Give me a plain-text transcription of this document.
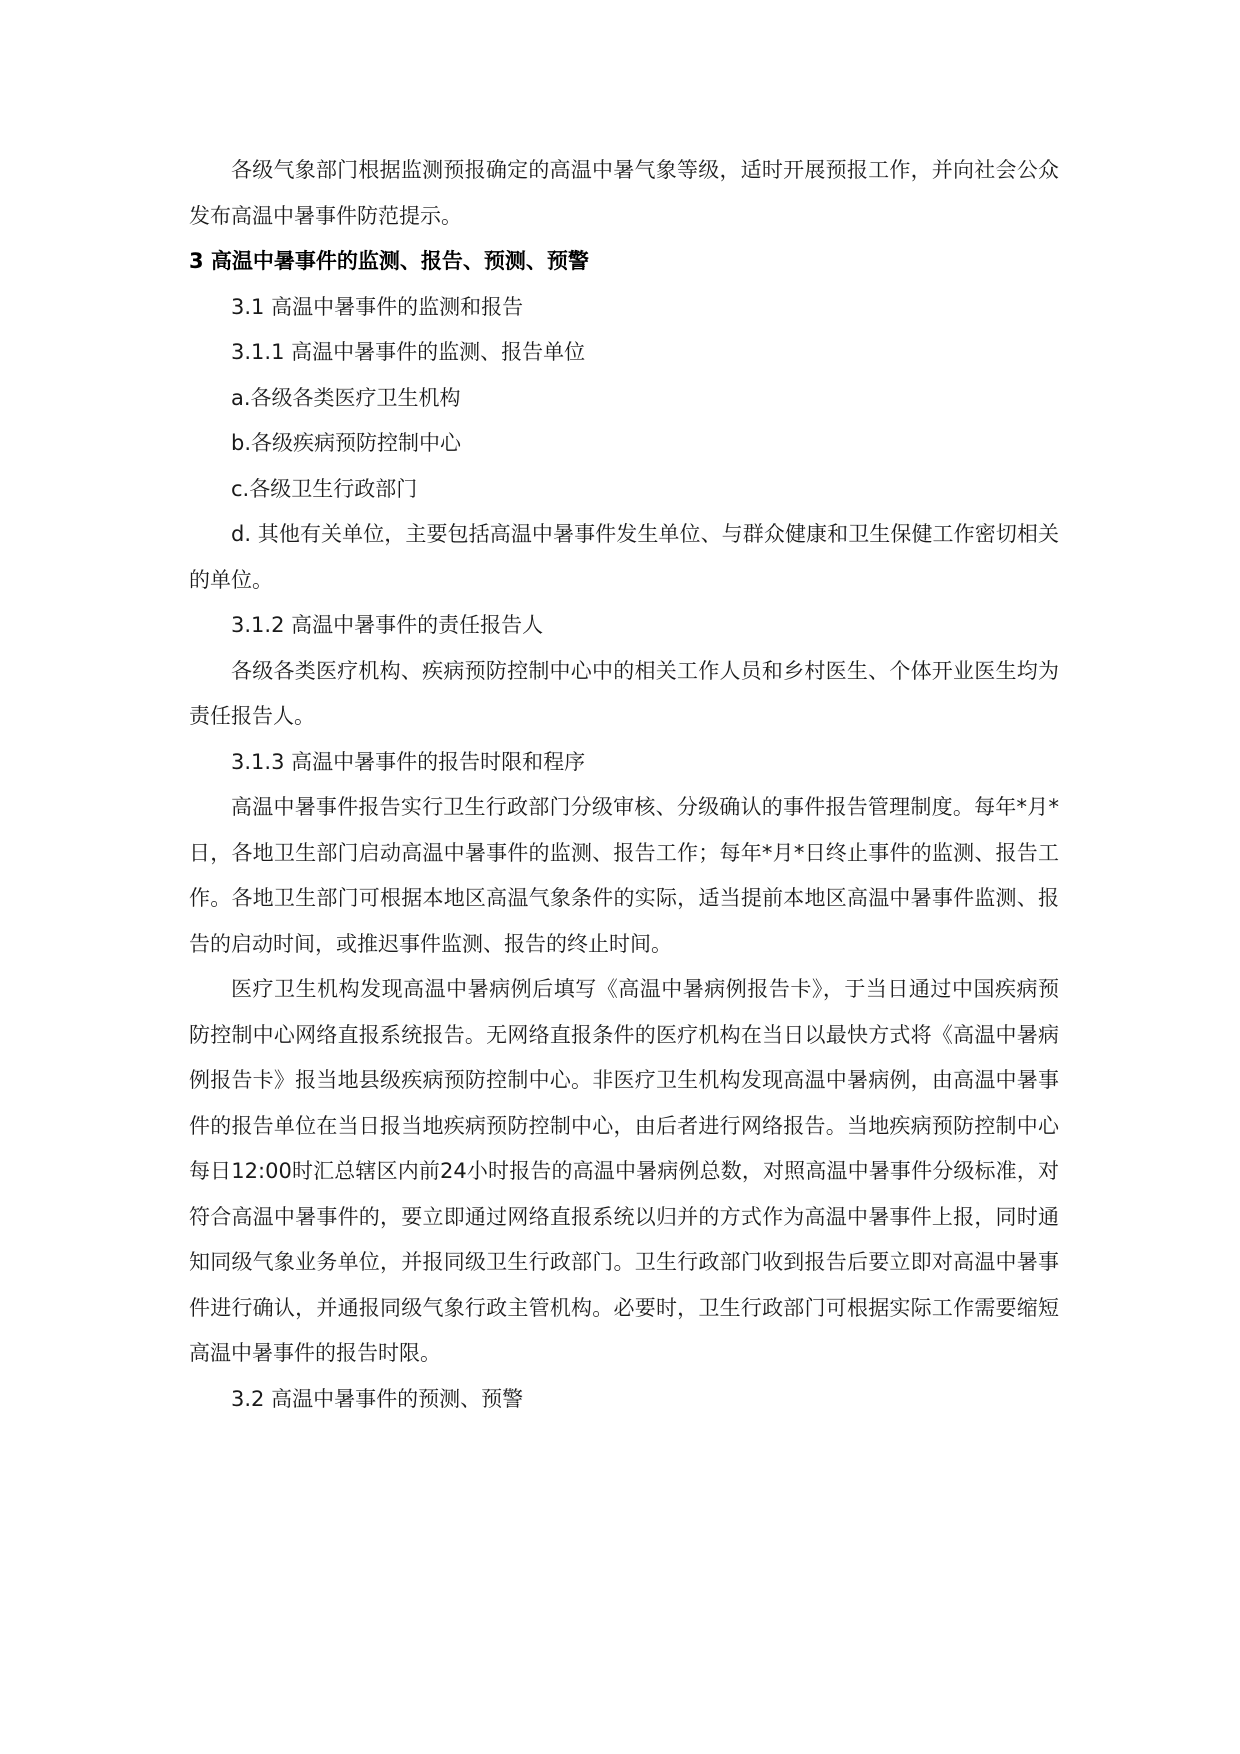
各级气象部门根据监测预报确定的高温中暑气象等级，适时开展预报工作，并向社会公众发布高温中暑事件防范提示。

3 高温中暑事件的监测、报告、预测、预警

3.1 高温中暑事件的监测和报告

3.1.1 高温中暑事件的监测、报告单位

a.各级各类医疗卫生机构

b.各级疾病预防控制中心

c.各级卫生行政部门

d. 其他有关单位，主要包括高温中暑事件发生单位、与群众健康和卫生保健工作密切相关的单位。

3.1.2 高温中暑事件的责任报告人

各级各类医疗机构、疾病预防控制中心中的相关工作人员和乡村医生、个体开业医生均为责任报告人。

3.1.3 高温中暑事件的报告时限和程序

高温中暑事件报告实行卫生行政部门分级审核、分级确认的事件报告管理制度。每年*月*日，各地卫生部门启动高温中暑事件的监测、报告工作；每年*月*日终止事件的监测、报告工作。各地卫生部门可根据本地区高温气象条件的实际，适当提前本地区高温中暑事件监测、报告的启动时间，或推迟事件监测、报告的终止时间。

医疗卫生机构发现高温中暑病例后填写《高温中暑病例报告卡》，于当日通过中国疾病预防控制中心网络直报系统报告。无网络直报条件的医疗机构在当日以最快方式将《高温中暑病例报告卡》报当地县级疾病预防控制中心。非医疗卫生机构发现高温中暑病例，由高温中暑事件的报告单位在当日报当地疾病预防控制中心，由后者进行网络报告。当地疾病预防控制中心每日12:00时汇总辖区内前24小时报告的高温中暑病例总数，对照高温中暑事件分级标准，对符合高温中暑事件的，要立即通过网络直报系统以归并的方式作为高温中暑事件上报，同时通知同级气象业务单位，并报同级卫生行政部门。卫生行政部门收到报告后要立即对高温中暑事件进行确认，并通报同级气象行政主管机构。必要时，卫生行政部门可根据实际工作需要缩短高温中暑事件的报告时限。

3.2 高温中暑事件的预测、预警
